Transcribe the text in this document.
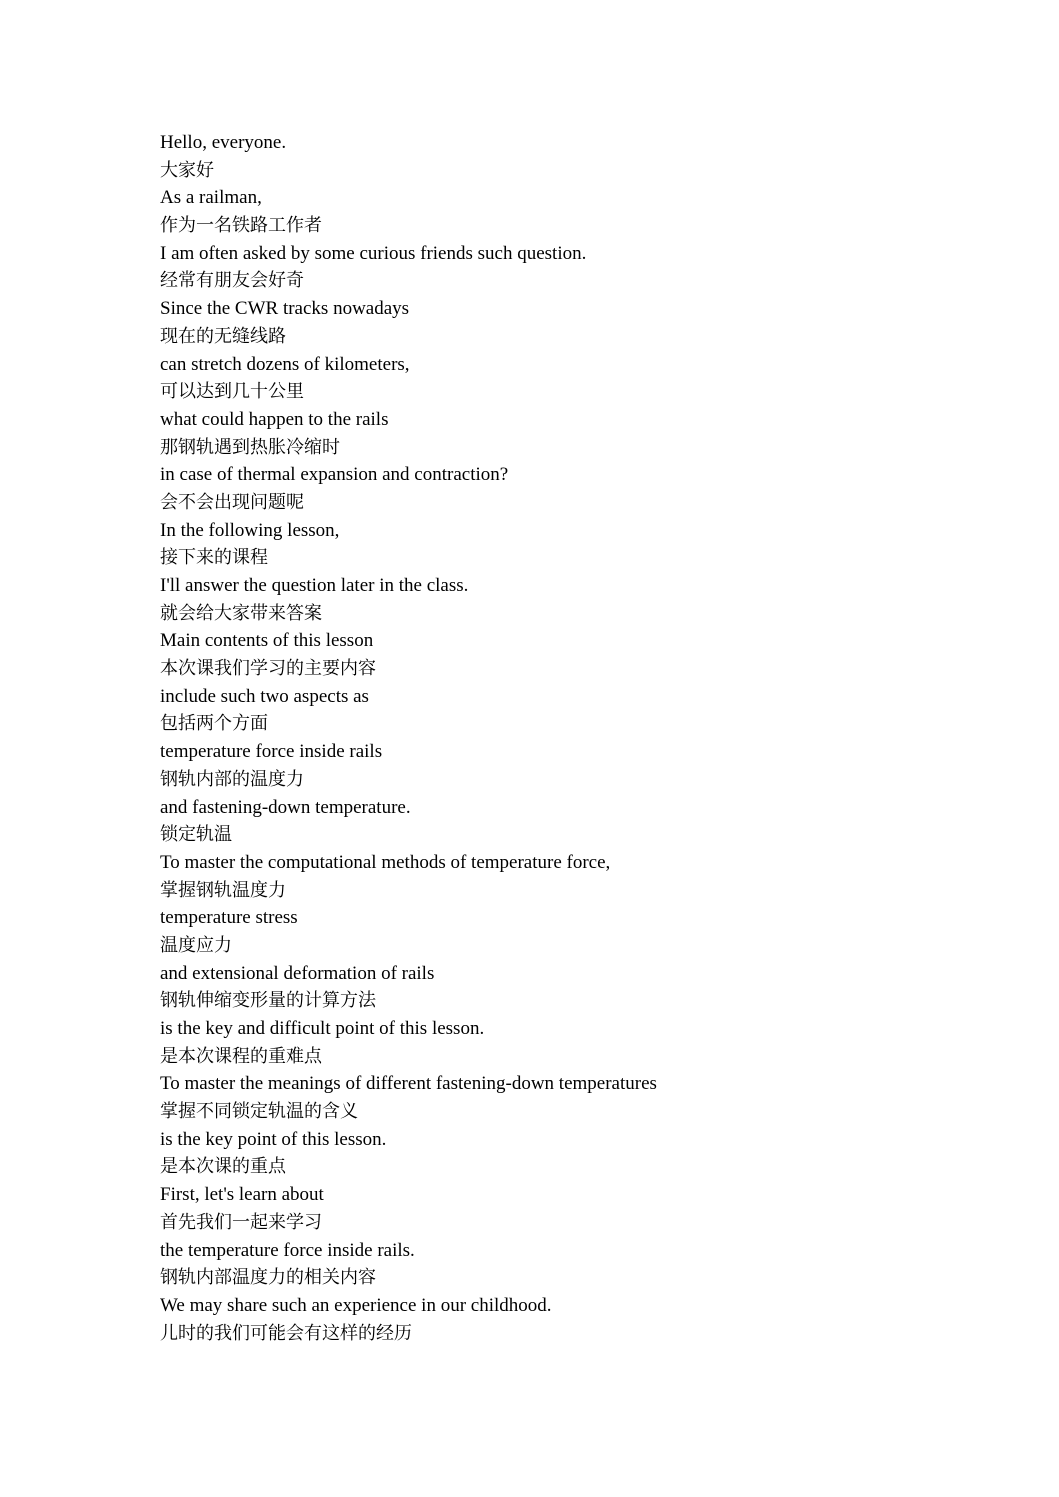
Hello, everyone.
大家好
As a railman,
作为一名铁路工作者
I am often asked by some curious friends such question.
经常有朋友会好奇
Since the CWR tracks nowadays
现在的无缝线路
can stretch dozens of kilometers,
可以达到几十公里
what could happen to the rails
那钢轨遇到热胀冷缩时
in case of thermal expansion and contraction?
会不会出现问题呢
In the following lesson,
接下来的课程
I'll answer the question later in the class.
就会给大家带来答案
Main contents of this lesson
本次课我们学习的主要内容
include such two aspects as
包括两个方面
temperature force inside rails
钢轨内部的温度力
and fastening-down temperature.
锁定轨温
To master the computational methods of temperature force,
掌握钢轨温度力
temperature stress
温度应力
and extensional deformation of rails
钢轨伸缩变形量的计算方法
is the key and difficult point of this lesson.
是本次课程的重难点
To master the meanings of different fastening-down temperatures
掌握不同锁定轨温的含义
is the key point of this lesson.
是本次课的重点
First, let's learn about
首先我们一起来学习
the temperature force inside rails.
钢轨内部温度力的相关内容
We may share such an experience in our childhood.
儿时的我们可能会有这样的经历
